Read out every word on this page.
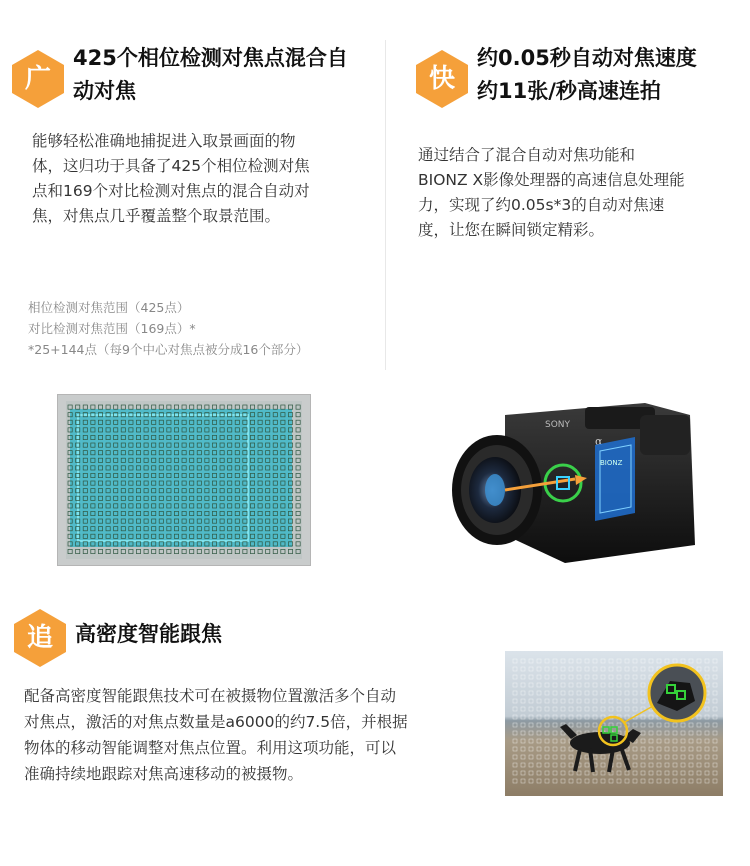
广
425个相位检测对焦点混合自
动对焦
能够轻松准确地捕捉进入取景画面的物
体，这归功于具备了425个相位检测对焦
点和169个对比检测对焦点的混合自动对
焦，对焦点几乎覆盖整个取景范围。
相位检测对焦范围（425点）
对比检测对焦范围（169点）*
*25+144点（每9个中心对焦点被分成16个部分）
快
约0.05秒自动对焦速度
约11张/秒高速连拍
通过结合了混合自动对焦功能和
BIONZ X影像处理器的高速信息处理能
力，实现了约0.05s*3的自动对焦速
度，让您在瞬间锁定精彩。
SONY
α
BIONZ
追	高密度智能跟焦
配备高密度智能跟焦技术可在被摄物位置激活多个自动
对焦点，激活的对焦点数量是a6000的约7.5倍，并根据
物体的移动智能调整对焦点位置。利用这项功能，可以
准确持续地跟踪对焦高速移动的被摄物。
